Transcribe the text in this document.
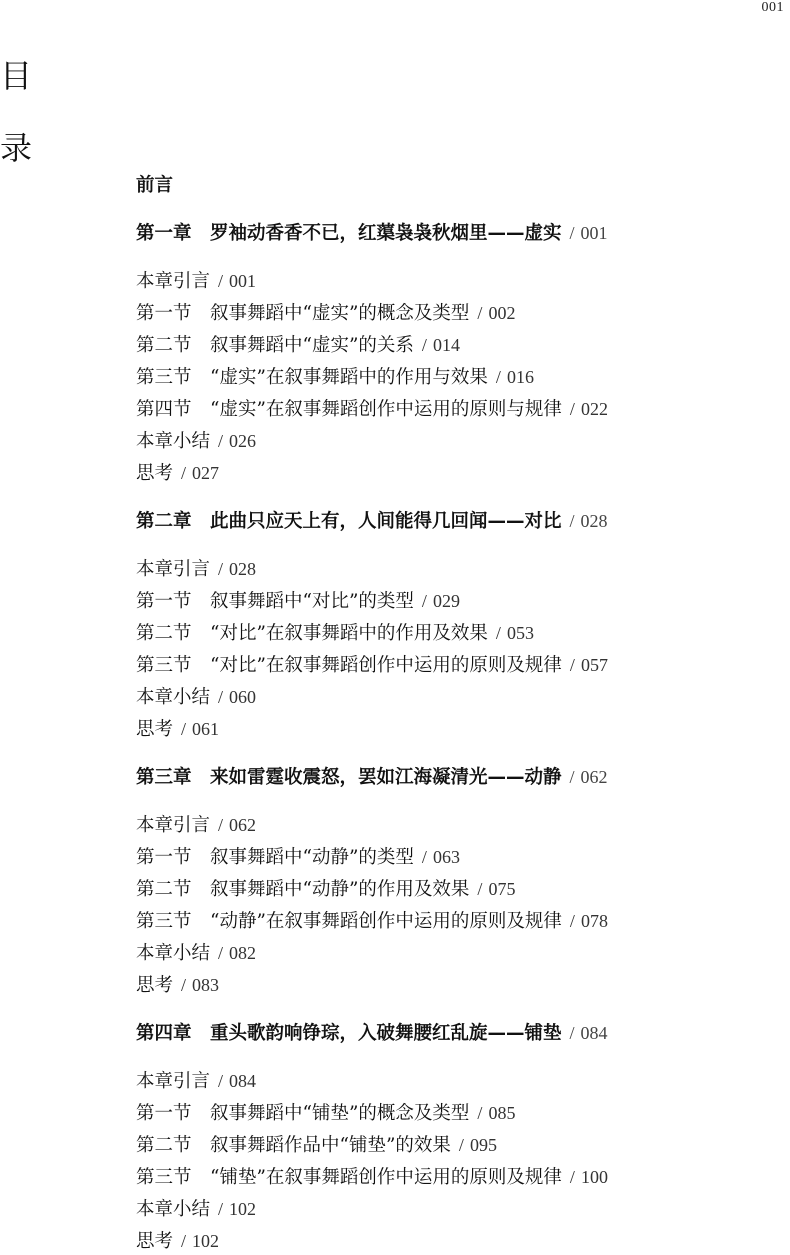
001
目
录
前言
第一章　罗袖动香香不已，红蕖袅袅秋烟里——虚实 / 001
本章引言 / 001
第一节　叙事舞蹈中“虚实”的概念及类型 / 002
第二节　叙事舞蹈中“虚实”的关系 / 014
第三节　“虚实”在叙事舞蹈中的作用与效果 / 016
第四节　“虚实”在叙事舞蹈创作中运用的原则与规律 / 022
本章小结 / 026
思考 / 027
第二章　此曲只应天上有，人间能得几回闻——对比 / 028
本章引言 / 028
第一节　叙事舞蹈中“对比”的类型 / 029
第二节　“对比”在叙事舞蹈中的作用及效果 / 053
第三节　“对比”在叙事舞蹈创作中运用的原则及规律 / 057
本章小结 / 060
思考 / 061
第三章　来如雷霆收震怒，罢如江海凝清光——动静 / 062
本章引言 / 062
第一节　叙事舞蹈中“动静”的类型 / 063
第二节　叙事舞蹈中“动静”的作用及效果 / 075
第三节　“动静”在叙事舞蹈创作中运用的原则及规律 / 078
本章小结 / 082
思考 / 083
第四章　重头歌韵响铮琮，入破舞腰红乱旋——铺垫 / 084
本章引言 / 084
第一节　叙事舞蹈中“铺垫”的概念及类型 / 085
第二节　叙事舞蹈作品中“铺垫”的效果 / 095
第三节　“铺垫”在叙事舞蹈创作中运用的原则及规律 / 100
本章小结 / 102
思考 / 102
